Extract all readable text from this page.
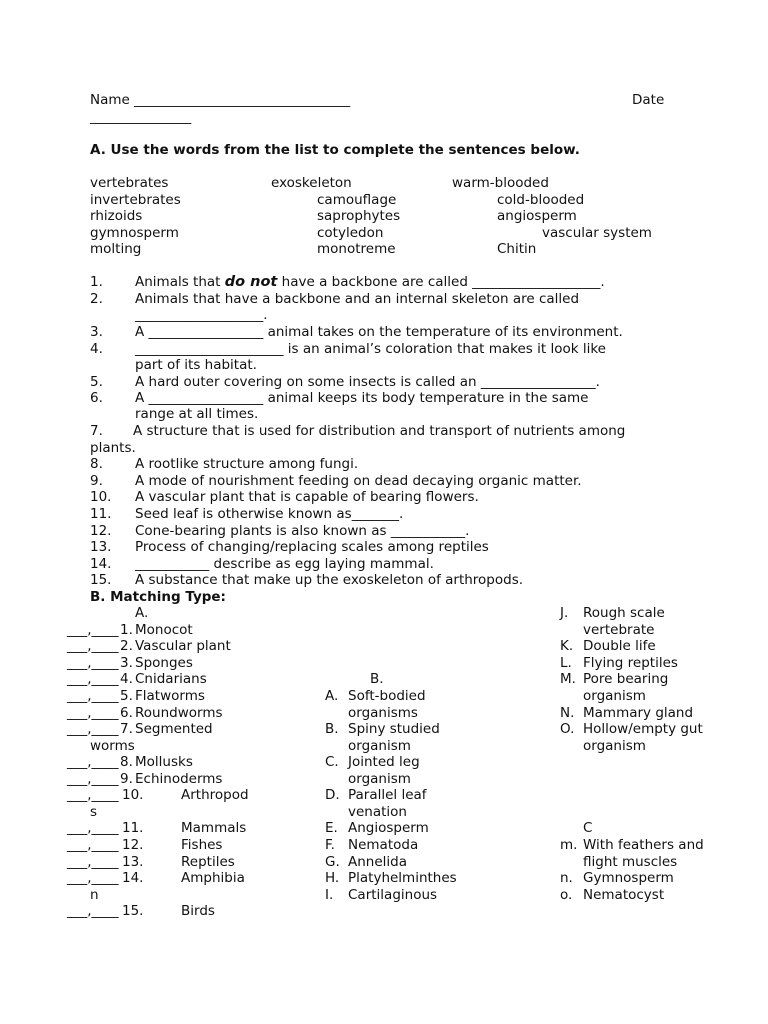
Name ________________________________	Date
_______________
A. Use the words from the list to complete the sentences below.
vertebrates	exoskeleton	warm-blooded
invertebrates	camouflage	cold-blooded
rhizoids	saprophytes	angiosperm
gymnosperm	cotyledon	vascular system
molting	monotreme	Chitin
1. Animals that do not have a backbone are called ___________________.
2. Animals that have a backbone and an internal skeleton are called
___________________.
3. A _________________ animal takes on the temperature of its environment.
4. ______________________ is an animal’s coloration that makes it look like
part of its habitat.
5. A hard outer covering on some insects is called an _________________.
6. A _________________ animal keeps its body temperature in the same
range at all times.
7. A structure that is used for distribution and transport of nutrients among
plants.
8. A rootlike structure among fungi.
9. A mode of nourishment feeding on dead decaying organic matter.
10. A vascular plant that is capable of bearing flowers.
11. Seed leaf is otherwise known as_______.
12. Cone-bearing plants is also known as ___________.
13. Process of changing/replacing scales among reptiles
14. ___________ describe as egg laying mammal.
15. A substance that make up the exoskeleton of arthropods.
B. Matching Type:
A.
___,____ 1. Monocot
___,____ 2. Vascular plant
___,____ 3. Sponges
___,____ 4. Cnidarians
___,____ 5. Flatworms
___,____ 6. Roundworms
___,____ 7. Segmented
worms
___,____ 8. Mollusks
___,____ 9. Echinoderms
___,____ 10.	Arthropod
s
___,____ 11.	Mammals
___,____ 12.	Fishes
___,____ 13.	Reptiles
___,____ 14.	Amphibia
n
___,____ 15.	Birds
B.
A. Soft-bodied
organisms
B. Spiny studied
organism
C. Jointed leg
organism
D. Parallel leaf
venation
E. Angiosperm
F. Nematoda
G. Annelida
H. Platyhelminthes
I. Cartilaginous
J. Rough scale
vertebrate
K. Double life
L. Flying reptiles
M. Pore bearing
organism
N. Mammary gland
O. Hollow/empty gut
organism
C
m. With feathers and
flight muscles
n. Gymnosperm
o. Nematocyst
